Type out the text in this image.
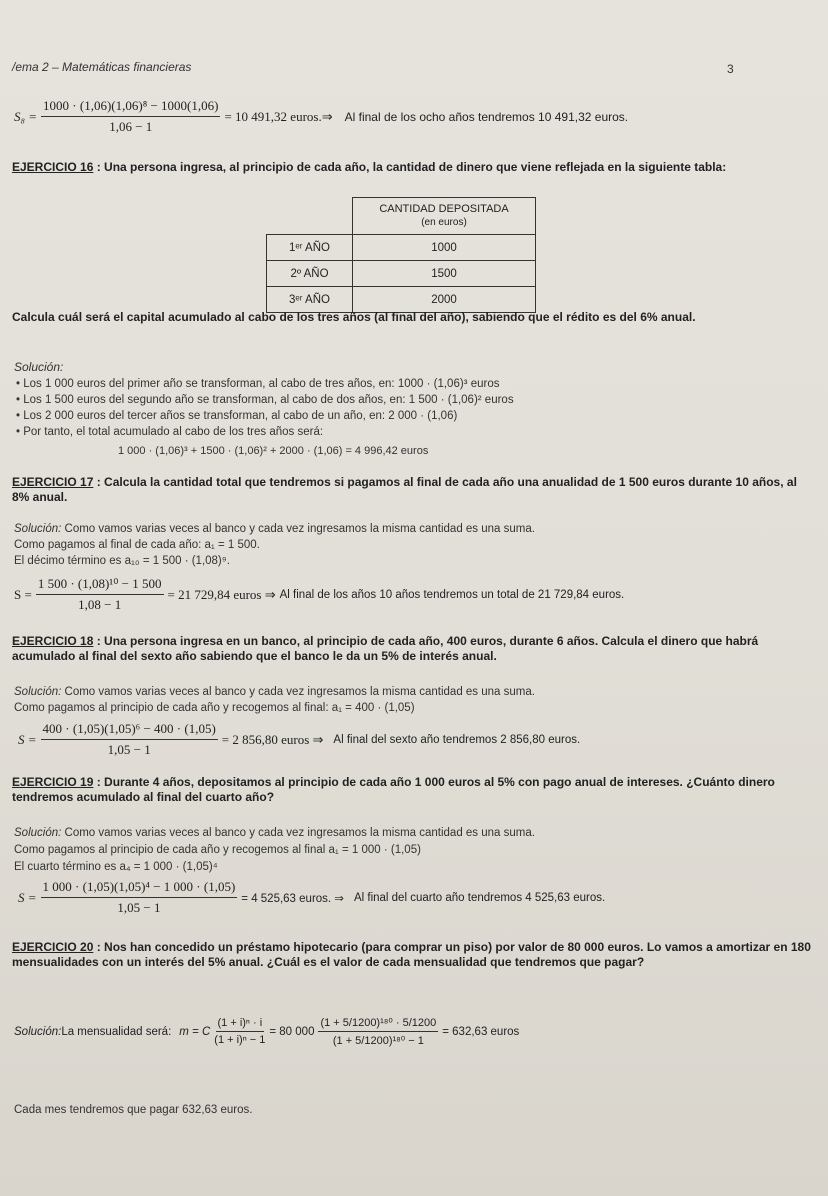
/ema 2 – Matemáticas financieras	3
$S_8 = \frac{\text{1000 · (1,06)(1,06)⁸ − 1000(1,06)}}{1,06 - 1} = 10$ 491,32 euros.⇒ Al final de los ocho años tendremos 10 491,32 euros.
EJERCICIO 16 : Una persona ingresa, al principio de cada año, la cantidad de dinero que viene reflejada en la siguiente tabla:

	CANTIDAD DEPOSITADA
(en euros)

1ᵉʳ AÑO	1000
2º AÑO	1500
3ᵉʳ AÑO	2000
Calcula cuál será el capital acumulado al cabo de los tres años (al final del año), sabiendo que el rédito es del 6% anual.
Solución:
• Los 1 000 euros del primer año se transforman, al cabo de tres años, en: 1000 · (1,06)³ euros
• Los 1 500 euros del segundo año se transforman, al cabo de dos años, en: 1 500 · (1,06)² euros
• Los 2 000 euros del tercer años se transforman, al cabo de un año, en: 2 000 · (1,06)
• Por tanto, el total acumulado al cabo de los tres años será:
1 000 · (1,06)³ + 1500 · (1,06)² + 2000 · (1,06) = 4 996,42 euros
EJERCICIO 17 : Calcula la cantidad total que tendremos si pagamos al final de cada año una anualidad de 1 500 euros durante 10 años, al 8% anual.
Solución: Como vamos varias veces al banco y cada vez ingresamos la misma cantidad es una suma.
Como pagamos al final de cada año: a₁ = 1 500.
El décimo término es a₁₀ = 1 500 · (1,08)⁹.
$S = \frac{\text{1 500 · (1,08)¹⁰ − 1 500}}{1,08 - 1} = 21$ 729,84 euros ⇒ Al final de los años 10 años tendremos un total de 21 729,84 euros.
EJERCICIO 18 : Una persona ingresa en un banco, al principio de cada año, 400 euros, durante 6 años. Calcula el dinero que habrá acumulado al final del sexto año sabiendo que el banco le da un 5% de interés anual.
Solución: Como vamos varias veces al banco y cada vez ingresamos la misma cantidad es una suma.
Como pagamos al principio de cada año y recogemos al final: a₁ = 400 · (1,05)
$S = \frac{\text{400 · (1,05)(1,05)⁶ − 400 · (1,05)}}{1,05 - 1} = 2$ 856,80 euros ⇒ Al final del sexto año tendremos 2 856,80 euros.
EJERCICIO 19 : Durante 4 años, depositamos al principio de cada año 1 000 euros al 5% con pago anual de intereses. ¿Cuánto dinero tendremos acumulado al final del cuarto año?
Solución: Como vamos varias veces al banco y cada vez ingresamos la misma cantidad es una suma.
Como pagamos al principio de cada año y recogemos al final a₁ = 1 000 · (1,05)
El cuarto término es a₄ = 1 000 · (1,05)⁴
$S = \frac{\text{1 000 · (1,05)(1,05)⁴ − 1 000 · (1,05)}}{1,05 - 1} = 4$ 525,63 euros. ⇒ Al final del cuarto año tendremos 4 525,63 euros.
EJERCICIO 20 : Nos han concedido un préstamo hipotecario (para comprar un piso) por valor de 80 000 euros. Lo vamos a amortizar en 180 mensualidades con un interés del 5% anual. ¿Cuál es el valor de cada mensualidad que tendremos que pagar?
Solución: La mensualidad será: m = C $\frac{\text{(1 + i)ⁿ · i}}{\text{(1 + i)ⁿ − 1}} = 80$ $000 \frac{\text{(1 + 5/1200)¹⁸⁰ · 5/1200}}{\text{(1 + 5/1200)¹⁸⁰ − 1}} = 632,63$ euros
Cada mes tendremos que pagar 632,63 euros.
